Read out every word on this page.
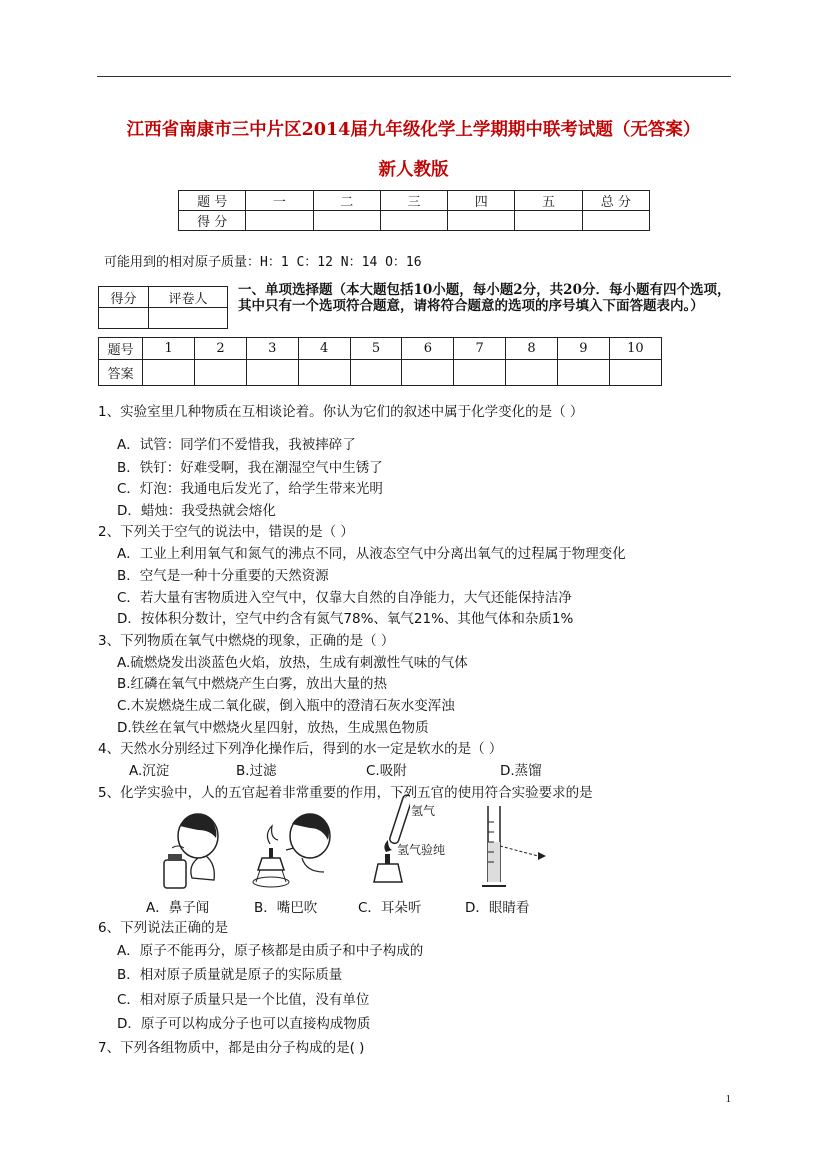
江西省南康市三中片区2014届九年级化学上学期期中联考试题（无答案）
新人教版
题 号	一	二	三	四	五	总 分
得 分						
可能用到的相对原子质量：H：1 C：12 N：14 O：16
得分	评卷人

一、单项选择题（本大题包括10小题，每小题2分，共20分．每小题有四个选项，其中只有一个选项符合题意，请将符合题意的选项的序号填入下面答题表内。）
题号	1	2	3	4	5	6	7	8	9	10
答案										
1、实验室里几种物质在互相谈论着。你认为它们的叙述中属于化学变化的是（ ）
A．试管：同学们不爱惜我，我被摔碎了
B．铁钉：好难受啊，我在潮湿空气中生锈了
C．灯泡：我通电后发光了，给学生带来光明
D．蜡烛：我受热就会熔化
2、下列关于空气的说法中，错误的是（ ）
A．工业上利用氧气和氮气的沸点不同，从液态空气中分离出氧气的过程属于物理变化
B．空气是一种十分重要的天然资源
C．若大量有害物质进入空气中，仅靠大自然的自净能力，大气还能保持洁净
D．按体积分数计，空气中约含有氮气78%、氧气21%、其他气体和杂质1%
3、下列物质在氧气中燃烧的现象，正确的是（ ）
A.硫燃烧发出淡蓝色火焰，放热，生成有刺激性气味的气体
B.红磷在氧气中燃烧产生白雾，放出大量的热
C.木炭燃烧生成二氧化碳，倒入瓶中的澄清石灰水变浑浊
D.铁丝在氧气中燃烧火星四射，放热，生成黑色物质
4、天然水分别经过下列净化操作后，得到的水一定是软水的是（ ）
A.沉淀	B.过滤	C.吸附	D.蒸馏
5、化学实验中，人的五官起着非常重要的作用，下列五官的使用符合实验要求的是
氢气
氢气验纯
A．鼻子闻	B．嘴巴吹	C．耳朵听	D．眼睛看
6、下列说法正确的是
A．原子不能再分，原子核都是由质子和中子构成的
B．相对原子质量就是原子的实际质量
C．相对原子质量只是一个比值，没有单位
D．原子可以构成分子也可以直接构成物质
7、下列各组物质中，都是由分子构成的是( )
1
